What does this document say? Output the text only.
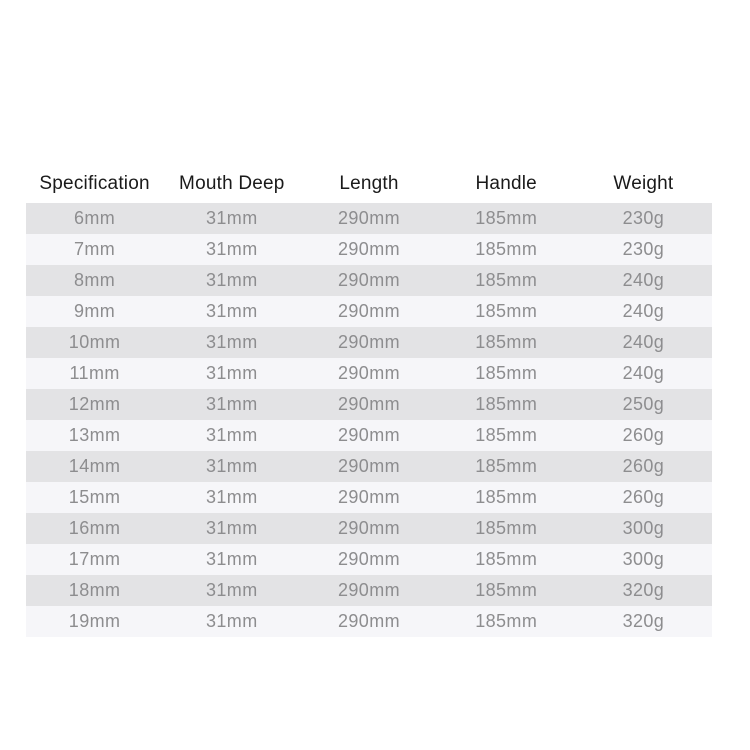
Specification	Mouth Deep	Length	Handle	Weight
6mm	31mm	290mm	185mm	230g
7mm	31mm	290mm	185mm	230g
8mm	31mm	290mm	185mm	240g
9mm	31mm	290mm	185mm	240g
10mm	31mm	290mm	185mm	240g
11mm	31mm	290mm	185mm	240g
12mm	31mm	290mm	185mm	250g
13mm	31mm	290mm	185mm	260g
14mm	31mm	290mm	185mm	260g
15mm	31mm	290mm	185mm	260g
16mm	31mm	290mm	185mm	300g
17mm	31mm	290mm	185mm	300g
18mm	31mm	290mm	185mm	320g
19mm	31mm	290mm	185mm	320g
